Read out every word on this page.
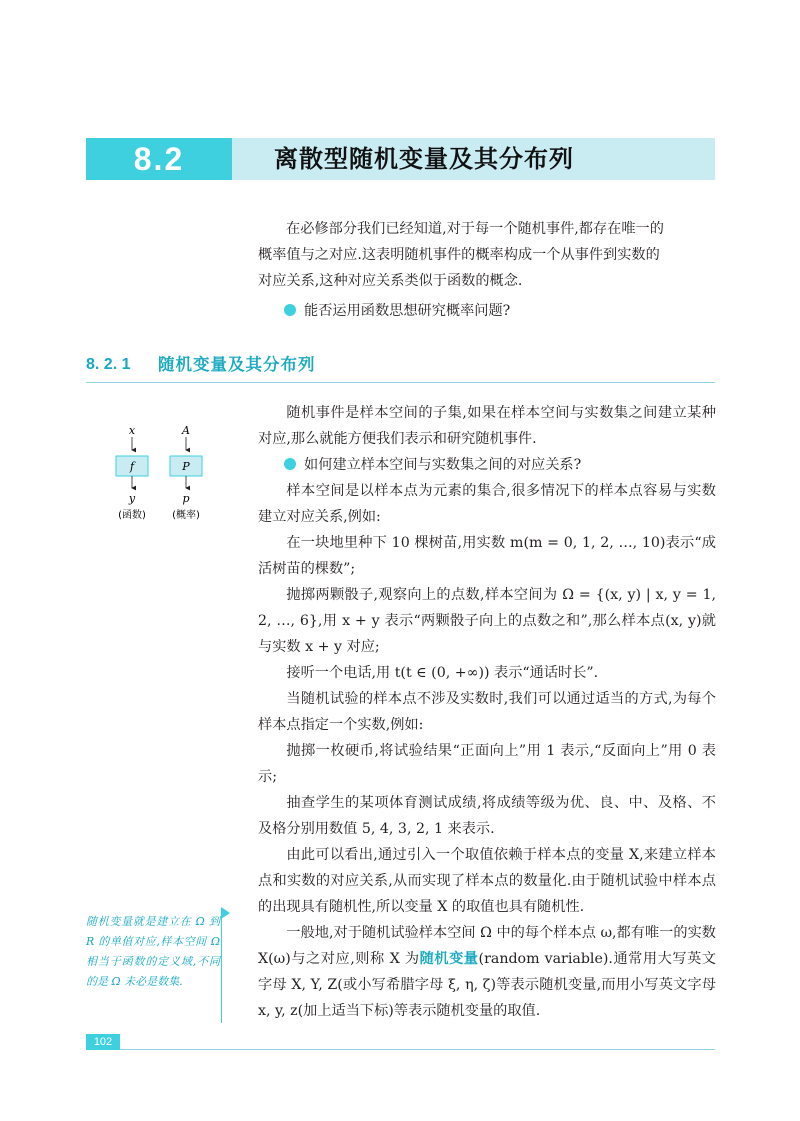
8.2	离散型随机变量及其分布列
在必修部分我们已经知道,对于每一个随机事件,都存在唯一的
概率值与之对应.这表明随机事件的概率构成一个从事件到实数的
对应关系,这种对应关系类似于函数的概念.
能否运用函数思想研究概率问题?
8. 2. 1 随机变量及其分布列
x
f
y
(函数)
A
P
p
(概率)

随机事件是样本空间的子集,如果在样本空间与实数集之间建立某种对应,那么就能方便我们表示和研究随机事件.

如何建立样本空间与实数集之间的对应关系?

样本空间是以样本点为元素的集合,很多情况下的样本点容易与实数建立对应关系,例如:

在一块地里种下 10 棵树苗,用实数 m(m = 0, 1, 2, …, 10)表示“成活树苗的棵数”;

抛掷两颗骰子,观察向上的点数,样本空间为 Ω = {(x, y) | x, y = 1, 2, …, 6},用 x + y 表示“两颗骰子向上的点数之和”,那么样本点(x, y)就与实数 x + y 对应;

接听一个电话,用 t(t ∈ (0, +∞)) 表示“通话时长”.

当随机试验的样本点不涉及实数时,我们可以通过适当的方式,为每个样本点指定一个实数,例如:

抛掷一枚硬币,将试验结果“正面向上”用 1 表示,“反面向上”用 0 表示;

抽查学生的某项体育测试成绩,将成绩等级为优、良、中、及格、不及格分别用数值 5, 4, 3, 2, 1 来表示.

由此可以看出,通过引入一个取值依赖于样本点的变量 X,来建立样本点和实数的对应关系,从而实现了样本点的数量化.由于随机试验中样本点的出现具有随机性,所以变量 X 的取值也具有随机性.

一般地,对于随机试验样本空间 Ω 中的每个样本点 ω,都有唯一的实数 X(ω)与之对应,则称 X 为随机变量(random variable).通常用大写英文字母 X, Y, Z(或小写希腊字母 ξ, η, ζ)等表示随机变量,而用小写英文字母 x, y, z(加上适当下标)等表示随机变量的取值.

随机变量就是建立在 Ω 到 R 的单值对应,样本空间 Ω 相当于函数的定义域,不同的是 Ω 未必是数集.
102
